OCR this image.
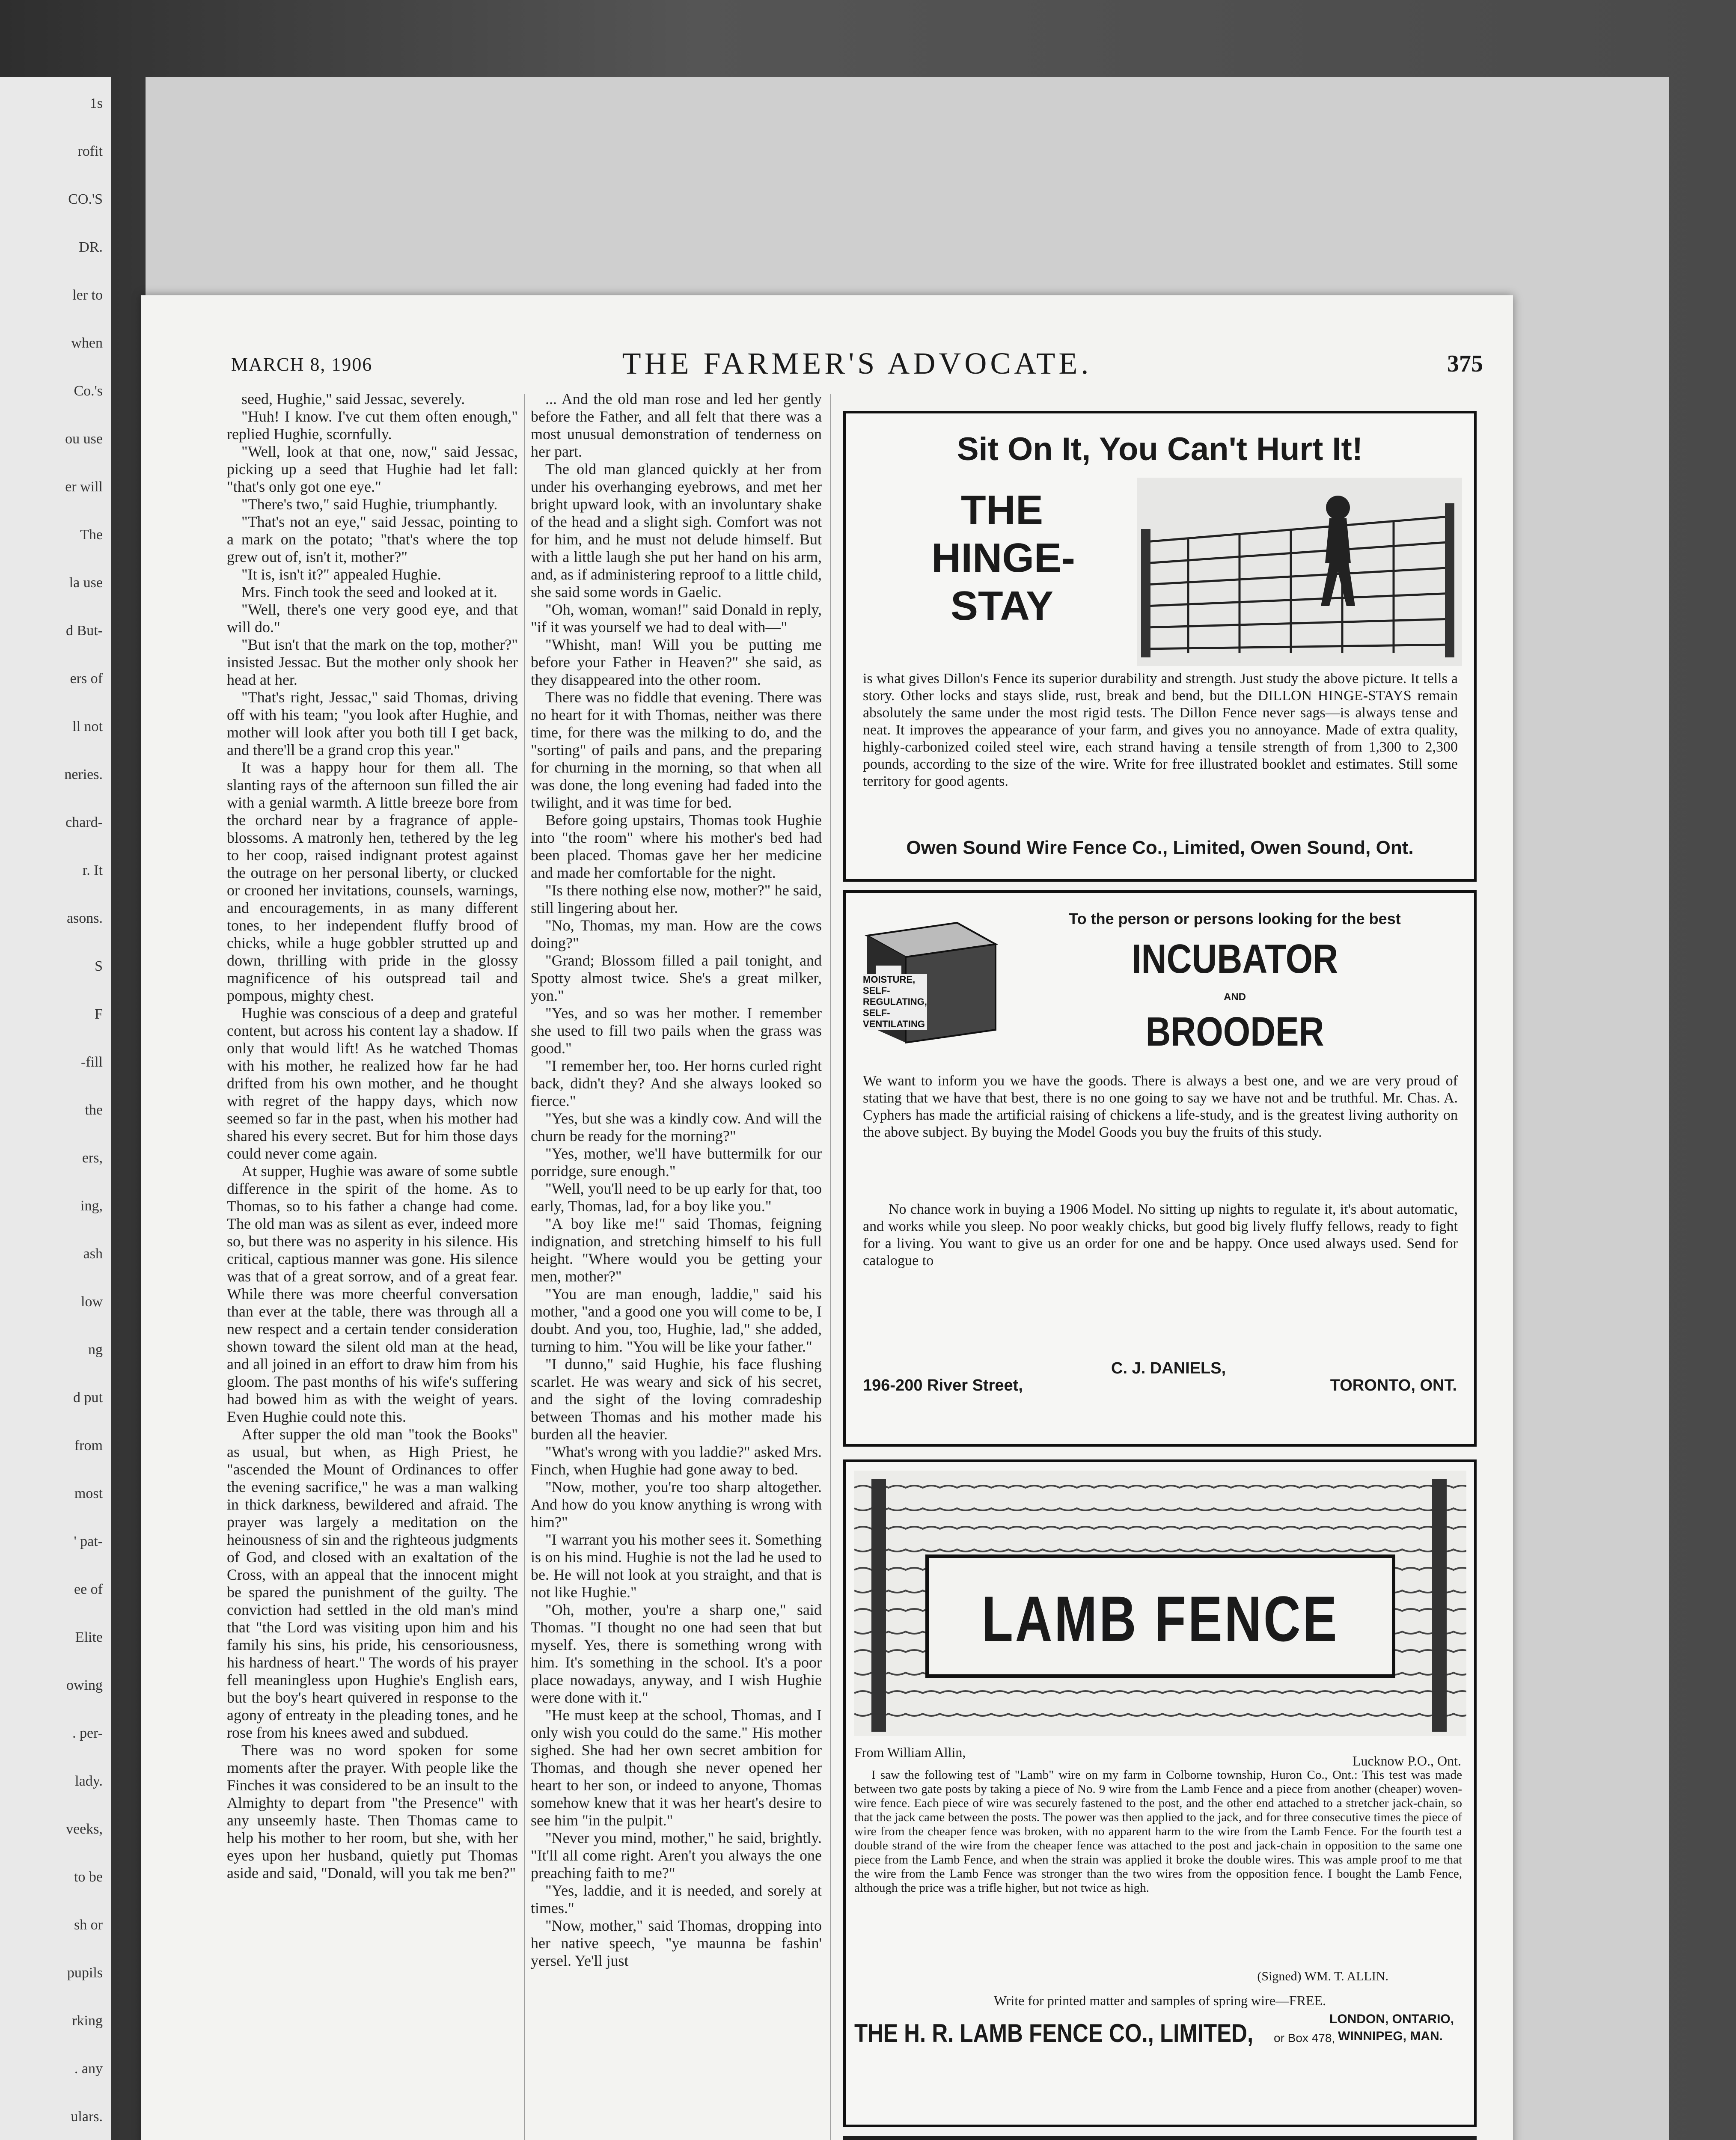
1s
rofit
CO.'S
DR.
ler to
when
Co.'s
ou use
er will
The
la use
d But-
ers of
ll not
neries.
chard-
r. It
asons.
S
F
-fill
the
ers,
ing,
ash
low
ng
d put
from
most
' pat-
ee of
Elite
owing
. per-
lady.
veeks,
to be
sh or
pupils
rking
. any
ulars.
MARCH 8, 1906	THE FARMER'S ADVOCATE.	375

seed, Hughie," said Jessac, severely.

"Huh! I know. I've cut them often enough," replied Hughie, scornfully.

"Well, look at that one, now," said Jessac, picking up a seed that Hughie had let fall: "that's only got one eye."

"There's two," said Hughie, triumphantly.

"That's not an eye," said Jessac, pointing to a mark on the potato; "that's where the top grew out of, isn't it, mother?"

"It is, isn't it?" appealed Hughie.

Mrs. Finch took the seed and looked at it.

"Well, there's one very good eye, and that will do."

"But isn't that the mark on the top, mother?" insisted Jessac. But the mother only shook her head at her.

"That's right, Jessac," said Thomas, driving off with his team; "you look after Hughie, and mother will look after you both till I get back, and there'll be a grand crop this year."

It was a happy hour for them all. The slanting rays of the afternoon sun filled the air with a genial warmth. A little breeze bore from the orchard near by a fragrance of apple-blossoms. A matronly hen, tethered by the leg to her coop, raised indignant protest against the outrage on her personal liberty, or clucked or crooned her invitations, counsels, warnings, and encouragements, in as many different tones, to her independent fluffy brood of chicks, while a huge gobbler strutted up and down, thrilling with pride in the glossy magnificence of his outspread tail and pompous, mighty chest.

Hughie was conscious of a deep and grateful content, but across his content lay a shadow. If only that would lift! As he watched Thomas with his mother, he realized how far he had drifted from his own mother, and he thought with regret of the happy days, which now seemed so far in the past, when his mother had shared his every secret. But for him those days could never come again.

At supper, Hughie was aware of some subtle difference in the spirit of the home. As to Thomas, so to his father a change had come. The old man was as silent as ever, indeed more so, but there was no asperity in his silence. His critical, captious manner was gone. His silence was that of a great sorrow, and of a great fear. While there was more cheerful conversation than ever at the table, there was through all a new respect and a certain tender consideration shown toward the silent old man at the head, and all joined in an effort to draw him from his gloom. The past months of his wife's suffering had bowed him as with the weight of years. Even Hughie could note this.

After supper the old man "took the Books" as usual, but when, as High Priest, he "ascended the Mount of Ordinances to offer the evening sacrifice," he was a man walking in thick darkness, bewildered and afraid. The prayer was largely a meditation on the heinousness of sin and the righteous judgments of God, and closed with an exaltation of the Cross, with an appeal that the innocent might be spared the punishment of the guilty. The conviction had settled in the old man's mind that "the Lord was visiting upon him and his family his sins, his pride, his censoriousness, his hardness of heart." The words of his prayer fell meaningless upon Hughie's English ears, but the boy's heart quivered in response to the agony of entreaty in the pleading tones, and he rose from his knees awed and subdued.

There was no word spoken for some moments after the prayer. With people like the Finches it was considered to be an insult to the Almighty to depart from "the Presence" with any unseemly haste. Then Thomas came to help his mother to her room, but she, with her eyes upon her husband, quietly put Thomas aside and said, "Donald, will you tak me ben?"

... And the old man rose and led her gently before the Father, and all felt that there was a most unusual demonstration of tenderness on her part.

The old man glanced quickly at her from under his overhanging eyebrows, and met her bright upward look, with an involuntary shake of the head and a slight sigh. Comfort was not for him, and he must not delude himself. But with a little laugh she put her hand on his arm, and, as if administering reproof to a little child, she said some words in Gaelic.

"Oh, woman, woman!" said Donald in reply, "if it was yourself we had to deal with—"

"Whisht, man! Will you be putting me before your Father in Heaven?" she said, as they disappeared into the other room.

There was no fiddle that evening. There was no heart for it with Thomas, neither was there time, for there was the milking to do, and the "sorting" of pails and pans, and the preparing for churning in the morning, so that when all was done, the long evening had faded into the twilight, and it was time for bed.

Before going upstairs, Thomas took Hughie into "the room" where his mother's bed had been placed. Thomas gave her her medicine and made her comfortable for the night.

"Is there nothing else now, mother?" he said, still lingering about her.

"No, Thomas, my man. How are the cows doing?"

"Grand; Blossom filled a pail tonight, and Spotty almost twice. She's a great milker, yon."

"Yes, and so was her mother. I remember she used to fill two pails when the grass was good."

"I remember her, too. Her horns curled right back, didn't they? And she always looked so fierce."

"Yes, but she was a kindly cow. And will the churn be ready for the morning?"

"Yes, mother, we'll have buttermilk for our porridge, sure enough."

"Well, you'll need to be up early for that, too early, Thomas, lad, for a boy like you."

"A boy like me!" said Thomas, feigning indignation, and stretching himself to his full height. "Where would you be getting your men, mother?"

"You are man enough, laddie," said his mother, "and a good one you will come to be, I doubt. And you, too, Hughie, lad," she added, turning to him. "You will be like your father."

"I dunno," said Hughie, his face flushing scarlet. He was weary and sick of his secret, and the sight of the loving comradeship between Thomas and his mother made his burden all the heavier.

"What's wrong with you laddie?" asked Mrs. Finch, when Hughie had gone away to bed.

"Now, mother, you're too sharp altogether. And how do you know anything is wrong with him?"

"I warrant you his mother sees it. Something is on his mind. Hughie is not the lad he used to be. He will not look at you straight, and that is not like Hughie."

"Oh, mother, you're a sharp one," said Thomas. "I thought no one had seen that but myself. Yes, there is something wrong with him. It's something in the school. It's a poor place nowadays, anyway, and I wish Hughie were done with it."

"He must keep at the school, Thomas, and I only wish you could do the same." His mother sighed. She had her own secret ambition for Thomas, and though she never opened her heart to her son, or indeed to anyone, Thomas somehow knew that it was her heart's desire to see him "in the pulpit."

"Never you mind, mother," he said, brightly. "It'll all come right. Aren't you always the one preaching faith to me?"

"Yes, laddie, and it is needed, and sorely at times."

"Now, mother," said Thomas, dropping into her native speech, "ye maunna be fashin' yersel. Ye'll just

Sit On It, You Can't Hurt It!
THE
HINGE-
STAY
is what gives Dillon's Fence its superior durability and strength. Just study the above picture. It tells a story. Other locks and stays slide, rust, break and bend, but the DILLON HINGE-STAYS remain absolutely the same under the most rigid tests. The Dillon Fence never sags—is always tense and neat. It improves the appearance of your farm, and gives you no annoyance. Made of extra quality, highly-carbonized coiled steel wire, each strand having a tensile strength of from 1,300 to 2,300 pounds, according to the size of the wire. Write for free illustrated booklet and estimates. Still some territory for good agents.
Owen Sound Wire Fence Co., Limited, Owen Sound, Ont.
MOISTURE, SELF-REGULATING, SELF-VENTILATING
To the person or persons looking for the best
INCUBATOR
AND
BROODER
We want to inform you we have the goods. There is always a best one, and we are very proud of stating that we have that best, there is no one going to say we have not and be truthful. Mr. Chas. A. Cyphers has made the artificial raising of chickens a life-study, and is the greatest living authority on the above subject. By buying the Model Goods you buy the fruits of this study.
No chance work in buying a 1906 Model. No sitting up nights to regulate it, it's about automatic, and works while you sleep. No poor weakly chicks, but good big lively fluffy fellows, ready to fight for a living. You want to give us an order for one and be happy. Once used always used. Send for catalogue to
196-200 River Street,
C. J. DANIELS,
TORONTO, ONT.
LAMB FENCE
From William Allin,
Lucknow P.O., Ont.
I saw the following test of "Lamb" wire on my farm in Colborne township, Huron Co., Ont.: This test was made between two gate posts by taking a piece of No. 9 wire from the Lamb Fence and a piece from another (cheaper) woven-wire fence. Each piece of wire was securely fastened to the post, and the other end attached to a stretcher jack-chain, so that the jack came between the posts. The power was then applied to the jack, and for three consecutive times the piece of wire from the cheaper fence was broken, with no apparent harm to the wire from the Lamb Fence. For the fourth test a double strand of the wire from the cheaper fence was attached to the post and jack-chain in opposition to the same one piece from the Lamb Fence, and when the strain was applied it broke the double wires. This was ample proof to me that the wire from the Lamb Fence was stronger than the two wires from the opposition fence. I bought the Lamb Fence, although the price was a trifle higher, but not twice as high.
(Signed) WM. T. ALLIN.
Write for printed matter and samples of spring wire—FREE.
THE H. R. LAMB FENCE CO., LIMITED,	LONDON, ONTARIO,
or Box 478, WINNIPEG, MAN.
